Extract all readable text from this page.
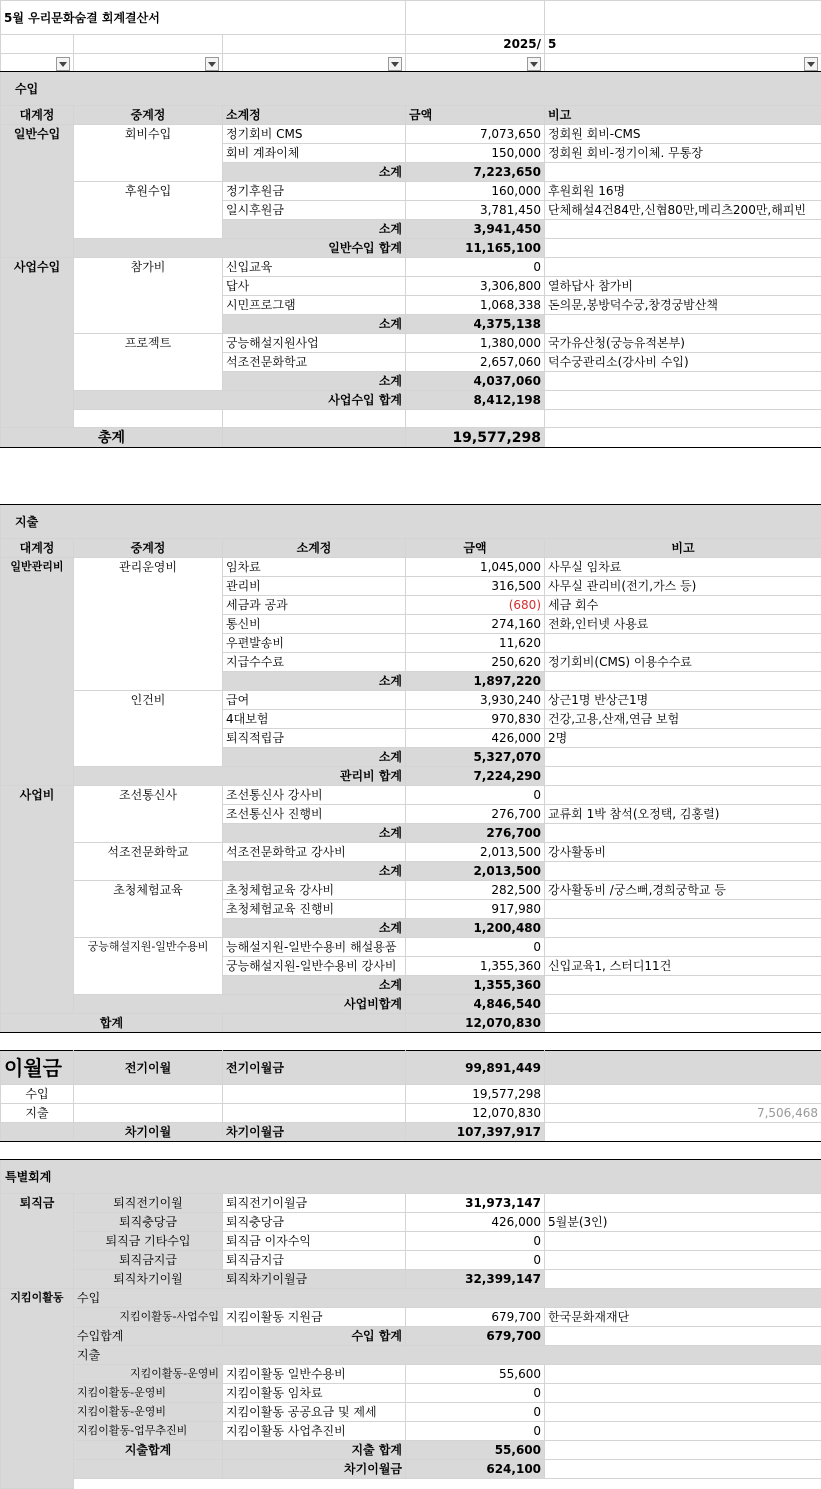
5월 우리문화숨결 회계결산서				
			2025/	5

수입				
대계정	중계정	소계정	금액	비고
일반수입	회비수입	정기회비 CMS	7,073,650	정회원 회비-CMS
		회비 계좌이체	150,000	정회원 회비-정기이체. 무통장
		소계	7,223,650	
	후원수입	정기후원금	160,000	후원회원 16명
		일시후원금	3,781,450	단체해설4건84만,신협80만,메리츠200만,해피빈
		소계	3,941,450	
	일반수입 합계		11,165,100	
사업수입	참가비	신입교육	0	
		답사	3,306,800	열하답사 참가비
		시민프로그램	1,068,338	돈의문,봉방덕수궁,창경궁밤산책
		소계	4,375,138	
	프로젝트	궁능해설지원사업	1,380,000	국가유산청(궁능유적본부)
		석조전문화학교	2,657,060	덕수궁관리소(강사비 수입)
		소계	4,037,060	
	사업수입 합계		8,412,198	

총계			19,577,298	

지출				
대계정	중계정	소계정	금액	비고
일반관리비	관리운영비	임차료	1,045,000	사무실 임차료
		관리비	316,500	사무실 관리비(전기,가스 등)
		세금과 공과	(680)	세금 회수
		통신비	274,160	전화,인터넷 사용료
		우편발송비	11,620	
		지급수수료	250,620	정기회비(CMS) 이용수수료
		소계	1,897,220	
	인건비	급여	3,930,240	상근1명 반상근1명
		4대보험	970,830	건강,고용,산재,연금 보험
		퇴직적립금	426,000	2명
		소계	5,327,070	
	관리비 합계		7,224,290	
사업비	조선통신사	조선통신사 강사비	0	
		조선통신사 진행비	276,700	교류회 1박 참석(오정택, 김홍렬)
		소계	276,700	
	석조전문화학교	석조전문화학교 강사비	2,013,500	강사활동비
		소계	2,013,500	
	초청체험교육	초청체험교육 강사비	282,500	강사활동비 /궁스뻐,경희궁학교 등
		초청체험교육 진행비	917,980	
		소계	1,200,480	
	궁능해설지원-일반수용비	능해설지원-일반수용비 해설용품	0	
		궁능해설지원-일반수용비 강사비	1,355,360	신입교육1, 스터디11건
		소계	1,355,360	
	사업비합계		4,846,540	
합계			12,070,830	

이월금	전기이월	전기이월금	99,891,449	
수입			19,577,298	
지출			12,070,830	7,506,468
	차기이월	차기이월금	107,397,917	

특별회계				
퇴직금	퇴직전기이월	퇴직전기이월금	31,973,147	
	퇴직충당금	퇴직충당금	426,000	5월분(3인)
	퇴직금 기타수입	퇴직금 이자수익	0	
	퇴직금지급	퇴직금지급	0	
	퇴직차기이월	퇴직차기이월금	32,399,147	
지킴이활동	수입			
	지킴이활동-사업수입	지킴이활동 지원금	679,700	한국문화재재단
	수입합계	수입 합계	679,700	
	지출			
	지킴이활동-운영비	지킴이활동 일반수용비	55,600	
	지킴이활동-운영비	지킴이활동 임차료	0	
	지킴이활동-운영비	지킴이활동 공공요금 및 제세	0	
	지킴이활동-업무추진비	지킴이활동 사업추진비	0	
	지출합계	지출 합계	55,600	
		차기이월금	624,100	
